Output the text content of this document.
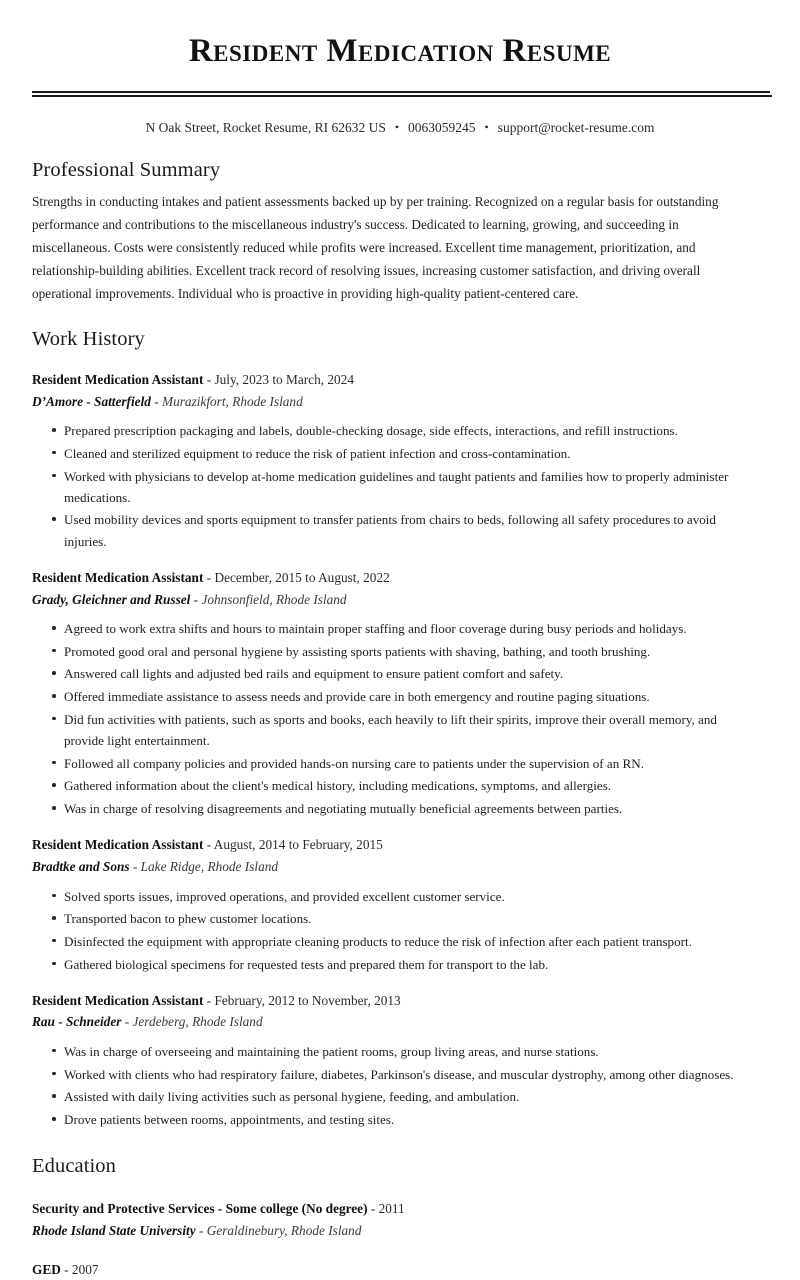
Resident Medication Resume
N Oak Street, Rocket Resume, RI 62632 US • 0063059245 • support@rocket-resume.com
Professional Summary

Strengths in conducting intakes and patient assessments backed up by per training. Recognized on a regular basis for outstanding performance and contributions to the miscellaneous industry's success. Dedicated to learning, growing, and succeeding in miscellaneous. Costs were consistently reduced while profits were increased. Excellent time management, prioritization, and relationship-building abilities. Excellent track record of resolving issues, increasing customer satisfaction, and driving overall operational improvements. Individual who is proactive in providing high-quality patient-centered care.

Work History
Resident Medication Assistant - July, 2023 to March, 2024
D’Amore - Satterfield - Murazikfort, Rhode Island
Prepared prescription packaging and labels, double-checking dosage, side effects, interactions, and refill instructions.
Cleaned and sterilized equipment to reduce the risk of patient infection and cross-contamination.
Worked with physicians to develop at-home medication guidelines and taught patients and families how to properly administer medications.
Used mobility devices and sports equipment to transfer patients from chairs to beds, following all safety procedures to avoid injuries.
Resident Medication Assistant - December, 2015 to August, 2022
Grady, Gleichner and Russel - Johnsonfield, Rhode Island
Agreed to work extra shifts and hours to maintain proper staffing and floor coverage during busy periods and holidays.
Promoted good oral and personal hygiene by assisting sports patients with shaving, bathing, and tooth brushing.
Answered call lights and adjusted bed rails and equipment to ensure patient comfort and safety.
Offered immediate assistance to assess needs and provide care in both emergency and routine paging situations.
Did fun activities with patients, such as sports and books, each heavily to lift their spirits, improve their overall memory, and provide light entertainment.
Followed all company policies and provided hands-on nursing care to patients under the supervision of an RN.
Gathered information about the client's medical history, including medications, symptoms, and allergies.
Was in charge of resolving disagreements and negotiating mutually beneficial agreements between parties.
Resident Medication Assistant - August, 2014 to February, 2015
Bradtke and Sons - Lake Ridge, Rhode Island
Solved sports issues, improved operations, and provided excellent customer service.
Transported bacon to phew customer locations.
Disinfected the equipment with appropriate cleaning products to reduce the risk of infection after each patient transport.
Gathered biological specimens for requested tests and prepared them for transport to the lab.
Resident Medication Assistant - February, 2012 to November, 2013
Rau - Schneider - Jerdeberg, Rhode Island
Was in charge of overseeing and maintaining the patient rooms, group living areas, and nurse stations.
Worked with clients who had respiratory failure, diabetes, Parkinson's disease, and muscular dystrophy, among other diagnoses.
Assisted with daily living activities such as personal hygiene, feeding, and ambulation.
Drove patients between rooms, appointments, and testing sites.
Education
Security and Protective Services - Some college (No degree) - 2011
Rhode Island State University - Geraldinebury, Rhode Island
GED - 2007
